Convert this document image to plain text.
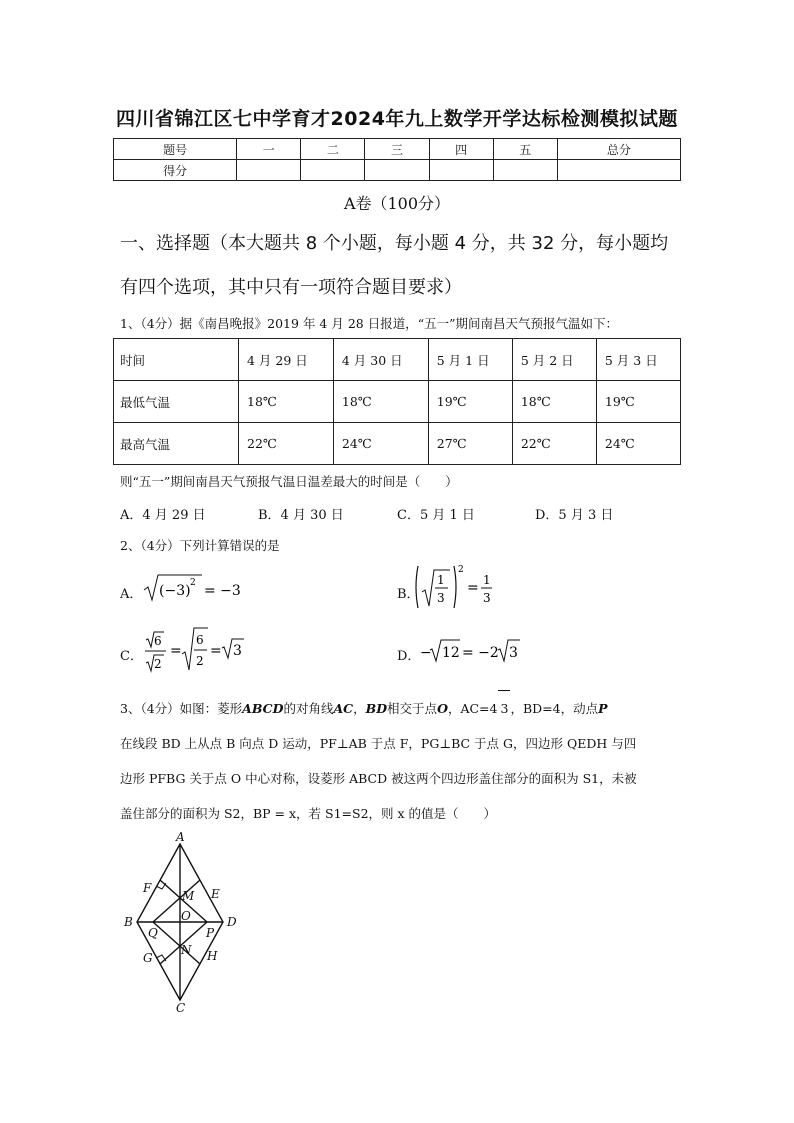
四川省锦江区七中学育才2024年九上数学开学达标检测模拟试题
题号	一	二	三	四	五	总分
得分						
A卷（100分）
一、选择题（本大题共 8 个小题，每小题 4 分，共 32 分，每小题均
有四个选项，其中只有一项符合题目要求）
1、（4分）据《南昌晚报》2019 年 4 月 28 日报道，“五一”期间南昌天气预报气温如下：
时间	4 月 29 日	4 月 30 日	5 月 1 日	5 月 2 日	5 月 3 日
最低气温	18℃	18℃	19℃	18℃	19℃
最高气温	22℃	24℃	27℃	22℃	24℃
则“五一”期间南昌天气预报气温日温差最大的时间是（　　）
A．4 月 29 日	B．4 月 30 日	C．5 月 1 日	D．5 月 3 日
2、（4分）下列计算错误的是
A． (−3) 2 = −3	B．
1
3
2
= 1
3
C．
6
2
=
6
2
= 3	D． − 12 = −2 3
3、（4分）如图：菱形ABCD的对角线AC，BD相交于点O，AC=4 3 ，BD=4，动点P
在线段 BD 上从点 B 向点 D 运动，PF⊥AB 于点 F，PG⊥BC 于点 G，四边形 QEDH 与四
边形 PFBG 关于点 O 中心对称，设菱形 ABCD 被这两个四边形盖住部分的面积为 S1，未被
盖住部分的面积为 S2，BP = x，若 S1=S2，则 x 的值是（　　）
A
B
C
D
E
F
G	H
M
N
O
P
Q
